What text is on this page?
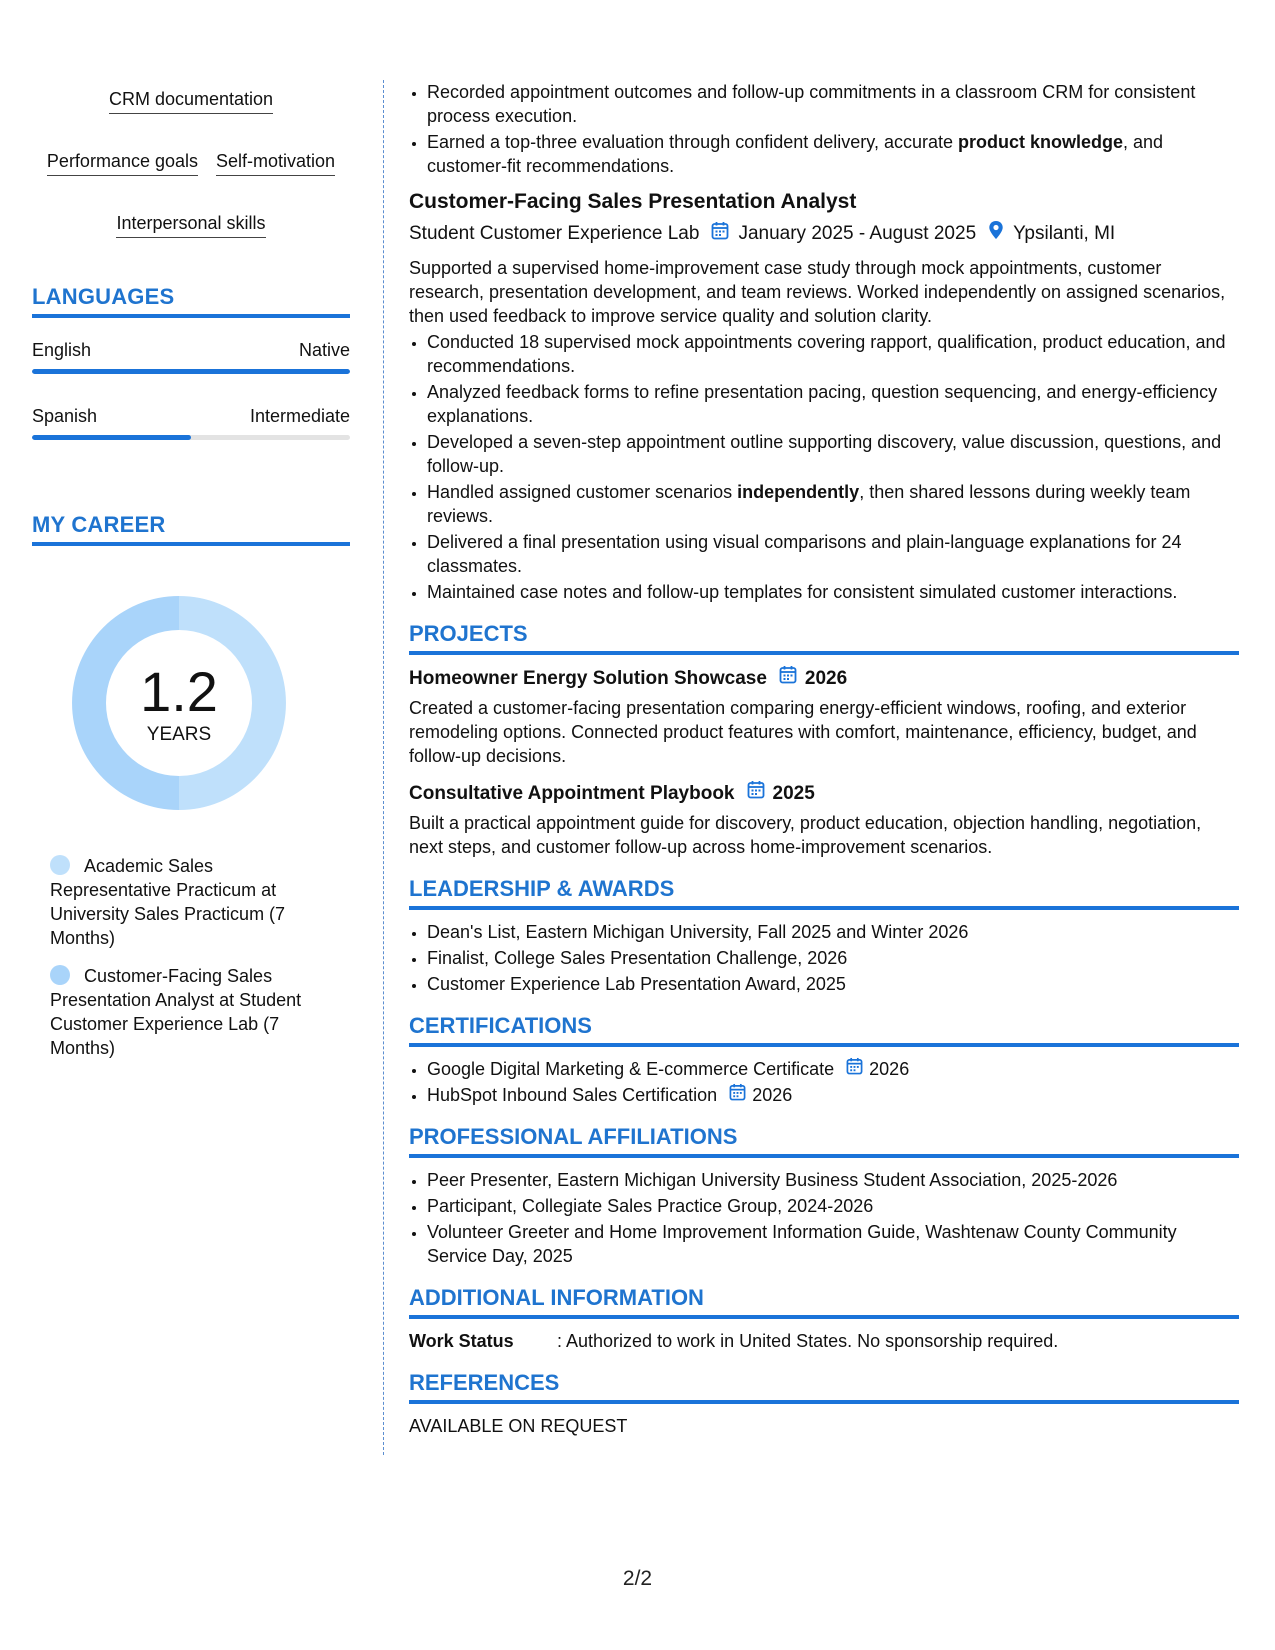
CRM documentation
Performance goals Self-motivation
Interpersonal skills
LANGUAGES
English	Native
Spanish	Intermediate
MY CAREER
1.2
YEARS
Academic Sales Representative Practicum at University Sales Practicum (7 Months)
Customer-Facing Sales Presentation Analyst at Student Customer Experience Lab (7 Months)
• Recorded appointment outcomes and follow-up commitments in a classroom CRM for consistent process execution.
• Earned a top-three evaluation through confident delivery, accurate product knowledge, and customer-fit recommendations.
Customer-Facing Sales Presentation Analyst
Student Customer Experience Lab January 2025 - August 2025 Ypsilanti, MI
Supported a supervised home-improvement case study through mock appointments, customer research, presentation development, and team reviews. Worked independently on assigned scenarios, then used feedback to improve service quality and solution clarity.
• Conducted 18 supervised mock appointments covering rapport, qualification, product education, and recommendations.
• Analyzed feedback forms to refine presentation pacing, question sequencing, and energy-efficiency explanations.
• Developed a seven-step appointment outline supporting discovery, value discussion, questions, and follow-up.
• Handled assigned customer scenarios independently, then shared lessons during weekly team reviews.
• Delivered a final presentation using visual comparisons and plain-language explanations for 24 classmates.
• Maintained case notes and follow-up templates for consistent simulated customer interactions.
PROJECTS
Homeowner Energy Solution Showcase 2026
Created a customer-facing presentation comparing energy-efficient windows, roofing, and exterior remodeling options. Connected product features with comfort, maintenance, efficiency, budget, and follow-up decisions.
Consultative Appointment Playbook 2025
Built a practical appointment guide for discovery, product education, objection handling, negotiation, next steps, and customer follow-up across home-improvement scenarios.
LEADERSHIP & AWARDS
• Dean's List, Eastern Michigan University, Fall 2025 and Winter 2026
• Finalist, College Sales Presentation Challenge, 2026
• Customer Experience Lab Presentation Award, 2025
CERTIFICATIONS
• Google Digital Marketing & E-commerce Certificate 2026
• HubSpot Inbound Sales Certification 2026
PROFESSIONAL AFFILIATIONS
• Peer Presenter, Eastern Michigan University Business Student Association, 2025-2026
• Participant, Collegiate Sales Practice Group, 2024-2026
• Volunteer Greeter and Home Improvement Information Guide, Washtenaw County Community Service Day, 2025
ADDITIONAL INFORMATION
Work Status	: Authorized to work in United States. No sponsorship required.
REFERENCES
AVAILABLE ON REQUEST
2/2
